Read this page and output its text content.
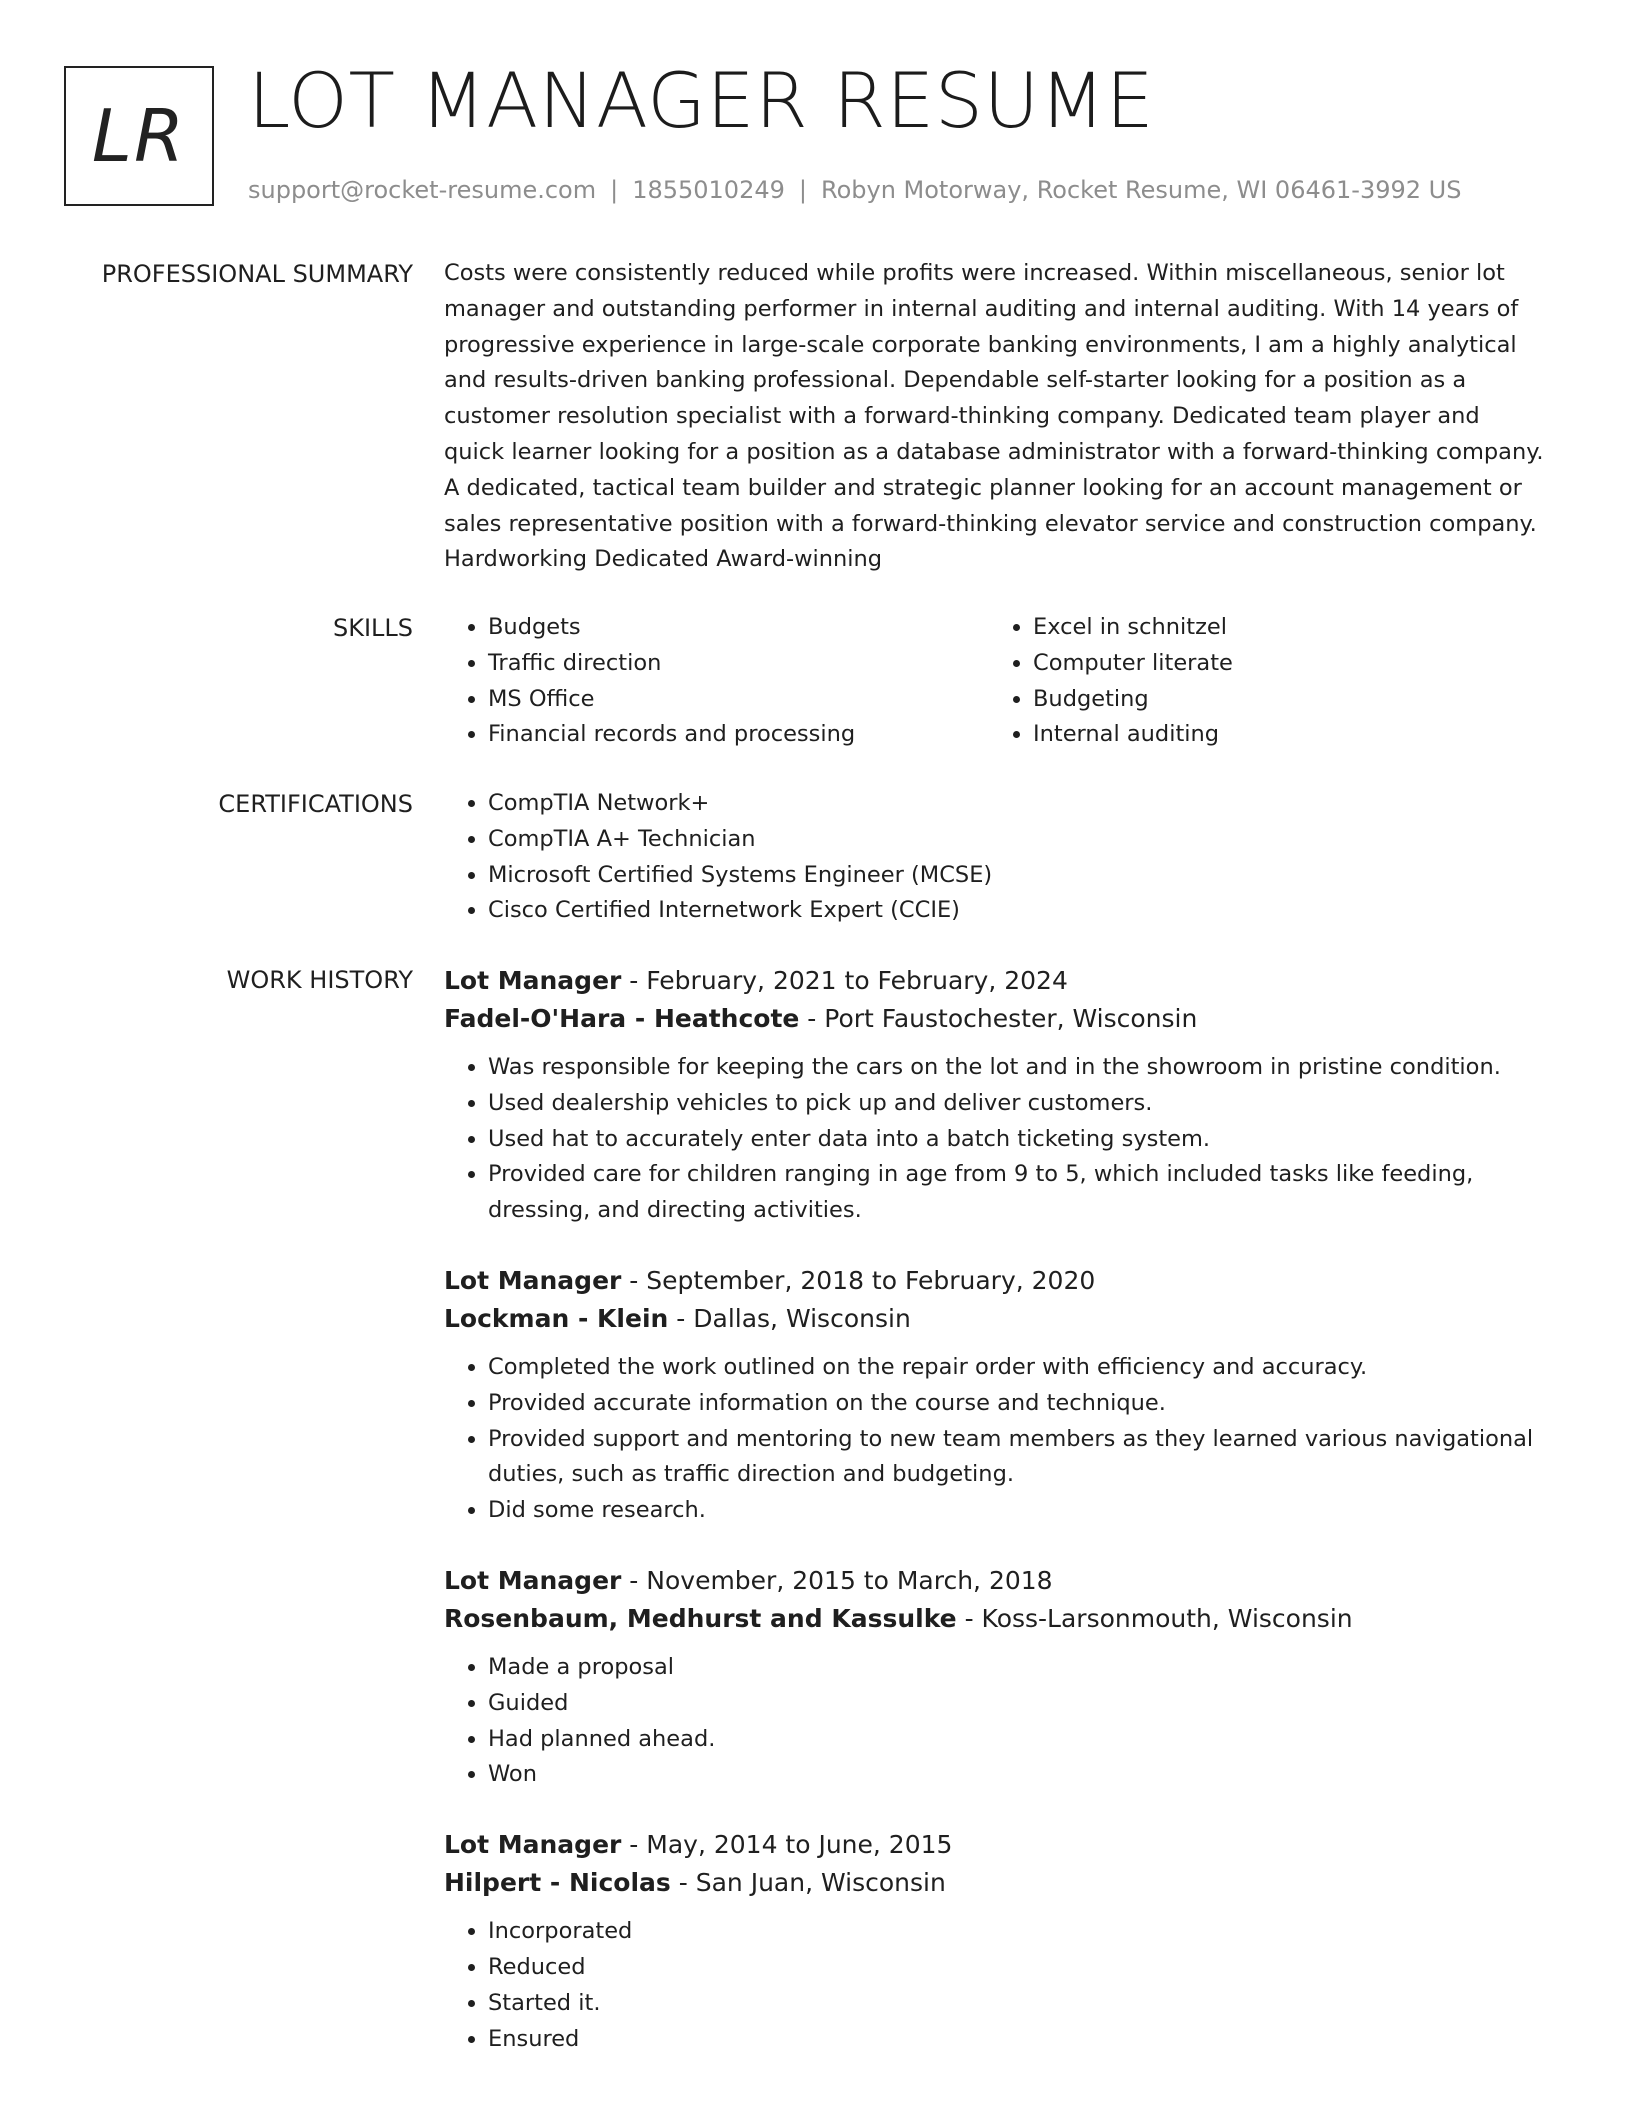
LR LOT MANAGER RESUME
support@rocket-resume.com | 1855010249 | Robyn Motorway, Rocket Resume, WI 06461-3992 US
PROFESSIONAL SUMMARY Costs were consistently reduced while profits were increased. Within miscellaneous, senior lot manager and outstanding performer in internal auditing and internal auditing. With 14 years of progressive experience in large-scale corporate banking environments, I am a highly analytical and results-driven banking professional. Dependable self-starter looking for a position as a customer resolution specialist with a forward-thinking company. Dedicated team player and quick learner looking for a position as a database administrator with a forward-thinking company. A dedicated, tactical team builder and strategic planner looking for an account management or sales representative position with a forward-thinking elevator service and construction company. Hardworking Dedicated Award-winning

SKILLS	• Budgets
• Traffic direction
• MS Office
• Financial records and processing
• Excel in schnitzel
• Computer literate
• Budgeting
• Internal auditing
CERTIFICATIONS	• CompTIA Network+
• CompTIA A+ Technician
• Microsoft Certified Systems Engineer (MCSE)
• Cisco Certified Internetwork Expert (CCIE)
WORK HISTORY Lot Manager - February, 2021 to February, 2024
Fadel-O'Hara - Heathcote - Port Faustochester, Wisconsin
• Was responsible for keeping the cars on the lot and in the showroom in pristine condition.
• Used dealership vehicles to pick up and deliver customers.
• Used hat to accurately enter data into a batch ticketing system.
• Provided care for children ranging in age from 9 to 5, which included tasks like feeding, dressing, and directing activities.
Lot Manager - September, 2018 to February, 2020
Lockman - Klein - Dallas, Wisconsin
• Completed the work outlined on the repair order with efficiency and accuracy.
• Provided accurate information on the course and technique.
• Provided support and mentoring to new team members as they learned various navigational duties, such as traffic direction and budgeting.
• Did some research.
Lot Manager - November, 2015 to March, 2018
Rosenbaum, Medhurst and Kassulke - Koss-Larsonmouth, Wisconsin
• Made a proposal
• Guided
• Had planned ahead.
• Won
Lot Manager - May, 2014 to June, 2015
Hilpert - Nicolas - San Juan, Wisconsin
• Incorporated
• Reduced
• Started it.
• Ensured
